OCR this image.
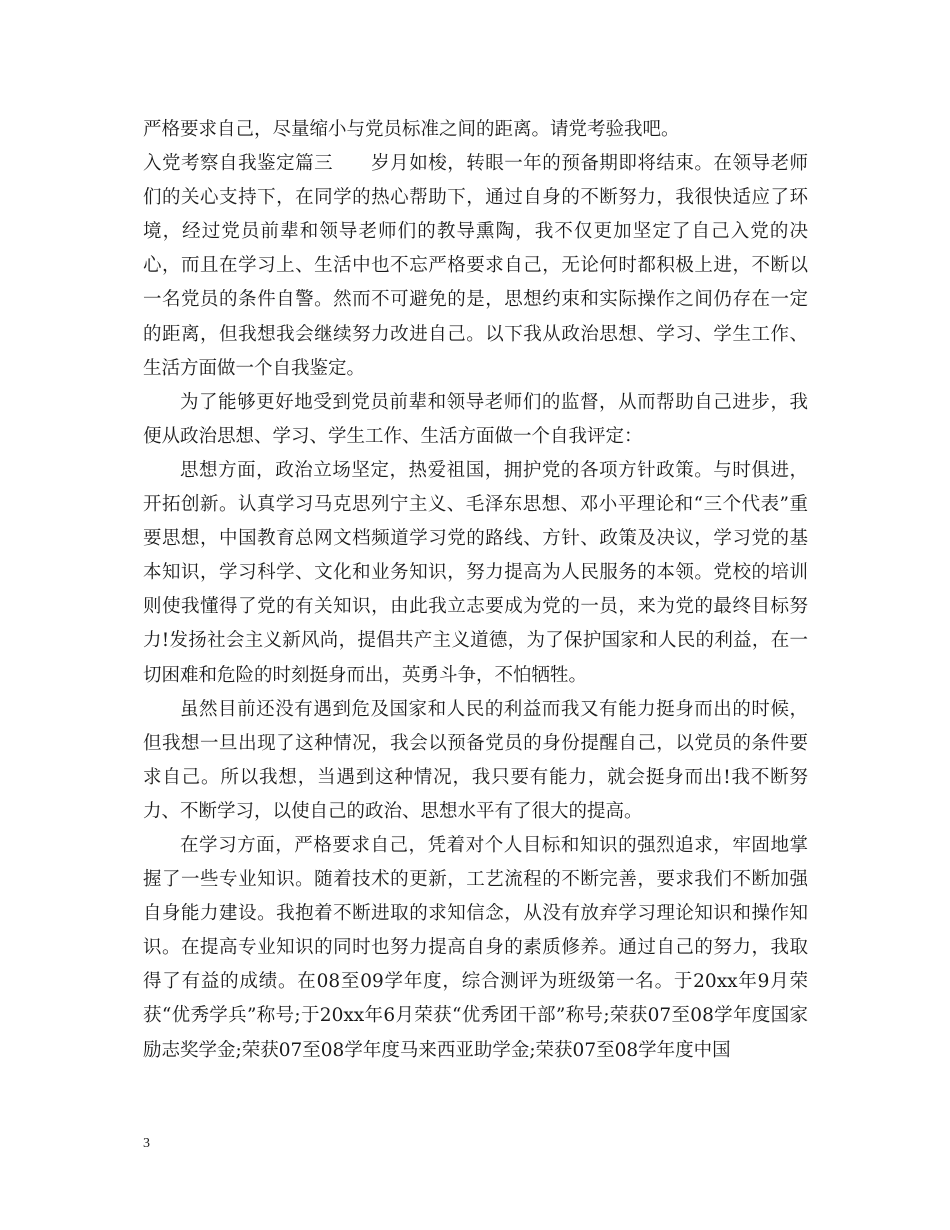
严格要求自己，尽量缩小与党员标准之间的距离。请党考验我吧。

入党考察自我鉴定篇三　　岁月如梭，转眼一年的预备期即将结束。在领导老师们的关心支持下，在同学的热心帮助下，通过自身的不断努力，我很快适应了环境，经过党员前辈和领导老师们的教导熏陶，我不仅更加坚定了自己入党的决心，而且在学习上、生活中也不忘严格要求自己，无论何时都积极上进，不断以一名党员的条件自警。然而不可避免的是，思想约束和实际操作之间仍存在一定的距离，但我想我会继续努力改进自己。以下我从政治思想、学习、学生工作、生活方面做一个自我鉴定。

为了能够更好地受到党员前辈和领导老师们的监督，从而帮助自己进步，我便从政治思想、学习、学生工作、生活方面做一个自我评定：

思想方面，政治立场坚定，热爱祖国，拥护党的各项方针政策。与时俱进，开拓创新。认真学习马克思列宁主义、毛泽东思想、邓小平理论和“三个代表”重要思想，中国教育总网文档频道学习党的路线、方针、政策及决议，学习党的基本知识，学习科学、文化和业务知识，努力提高为人民服务的本领。党校的培训则使我懂得了党的有关知识，由此我立志要成为党的一员，来为党的最终目标努力!发扬社会主义新风尚，提倡共产主义道德，为了保护国家和人民的利益，在一切困难和危险的时刻挺身而出，英勇斗争，不怕牺牲。

虽然目前还没有遇到危及国家和人民的利益而我又有能力挺身而出的时候，但我想一旦出现了这种情况，我会以预备党员的身份提醒自己，以党员的条件要求自己。所以我想，当遇到这种情况，我只要有能力，就会挺身而出!我不断努力、不断学习，以使自己的政治、思想水平有了很大的提高。

在学习方面，严格要求自己，凭着对个人目标和知识的强烈追求，牢固地掌握了一些专业知识。随着技术的更新，工艺流程的不断完善，要求我们不断加强自身能力建设。我抱着不断进取的求知信念，从没有放弃学习理论知识和操作知识。在提高专业知识的同时也努力提高自身的素质修养。通过自己的努力，我取得了有益的成绩。在08至09学年度，综合测评为班级第一名。于20xx年9月荣获“优秀学兵”称号;于20xx年6月荣获“优秀团干部”称号;荣获07至08学年度国家励志奖学金;荣获07至08学年度马来西亚助学金;荣获07至08学年度中国

3
